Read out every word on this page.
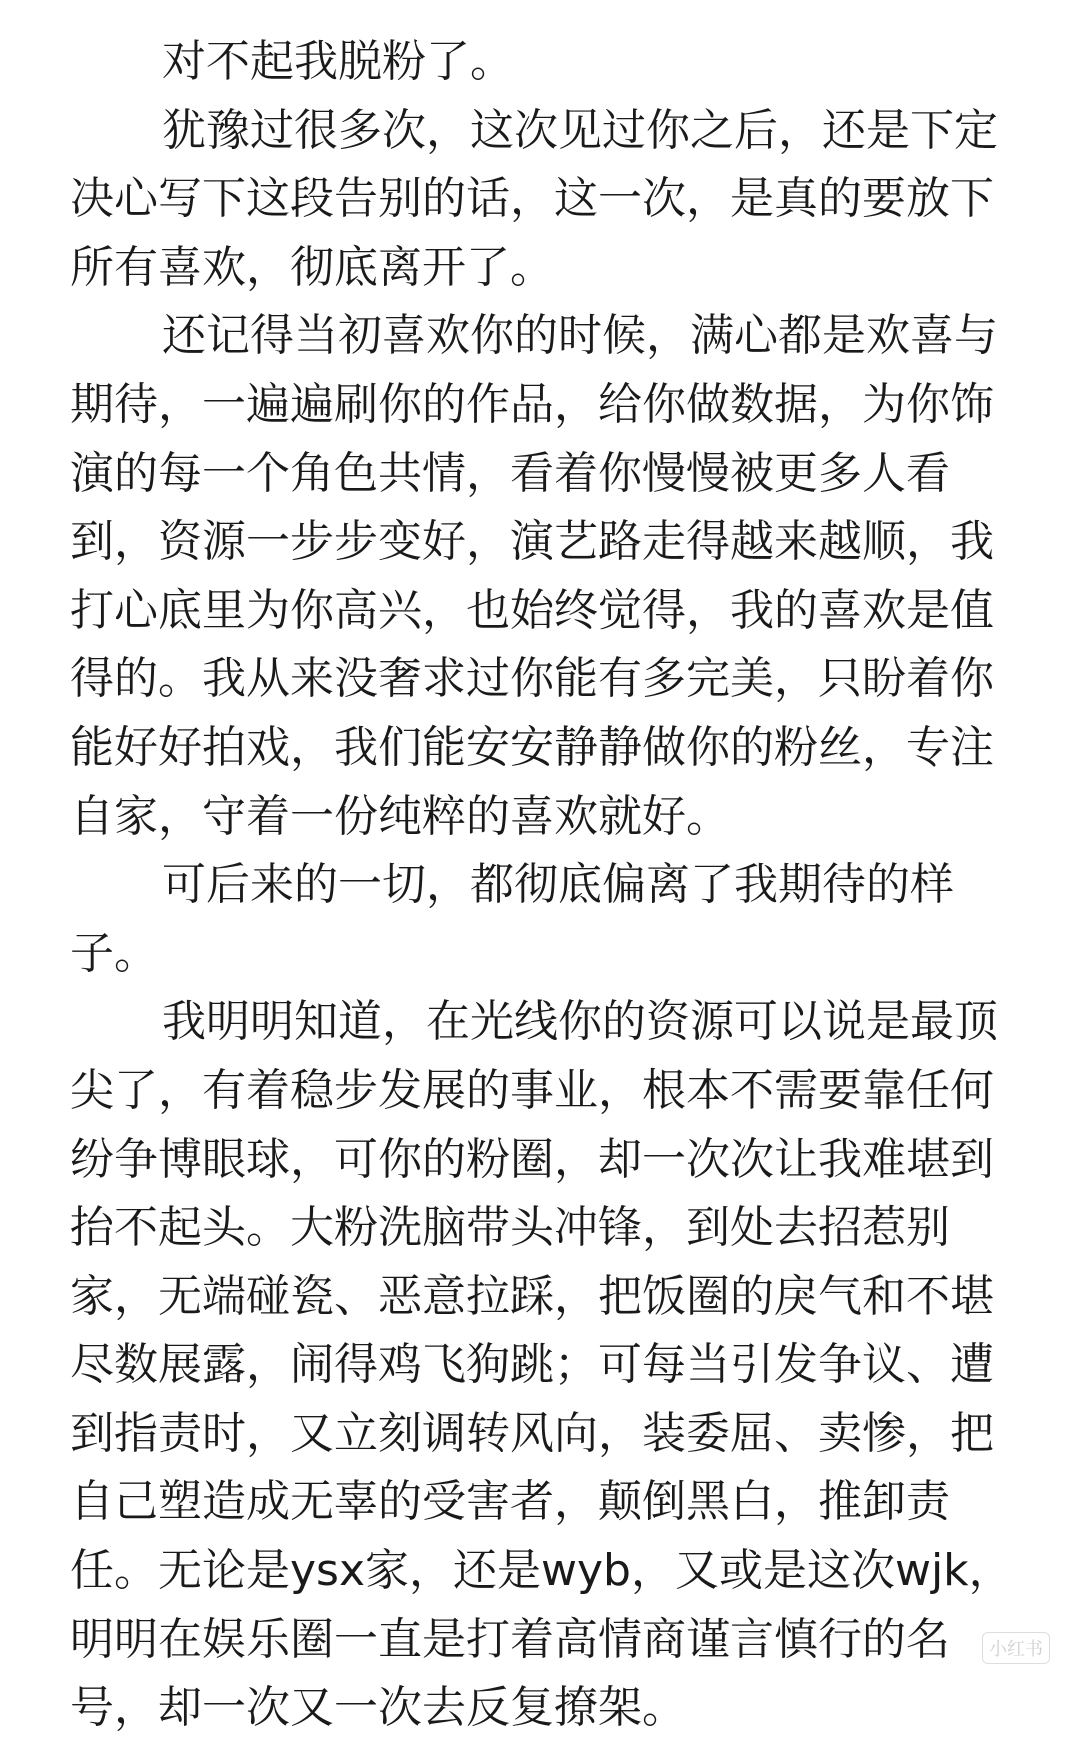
对不起我脱粉了。

犹豫过很多次，这次见过你之后，还是下定决心写下这段告别的话，这一次，是真的要放下所有喜欢，彻底离开了。

还记得当初喜欢你的时候，满心都是欢喜与期待，一遍遍刷你的作品，给你做数据，为你饰演的每一个角色共情，看着你慢慢被更多人看到，资源一步步变好，演艺路走得越来越顺，我打心底里为你高兴，也始终觉得，我的喜欢是值得的。我从来没奢求过你能有多完美，只盼着你能好好拍戏，我们能安安静静做你的粉丝，专注自家，守着一份纯粹的喜欢就好。

可后来的一切，都彻底偏离了我期待的样子。

我明明知道，在光线你的资源可以说是最顶尖了，有着稳步发展的事业，根本不需要靠任何纷争博眼球，可你的粉圈，却一次次让我难堪到抬不起头。大粉洗脑带头冲锋，到处去招惹别家，无端碰瓷、恶意拉踩，把饭圈的戾气和不堪尽数展露，闹得鸡飞狗跳；可每当引发争议、遭到指责时，又立刻调转风向，装委屈、卖惨，把自己塑造成无辜的受害者，颠倒黑白，推卸责任。无论是ysx家，还是wyb，又或是这次wjk，明明在娱乐圈一直是打着高情商谨言慎行的名号，却一次又一次去反复撩架。

小红书
